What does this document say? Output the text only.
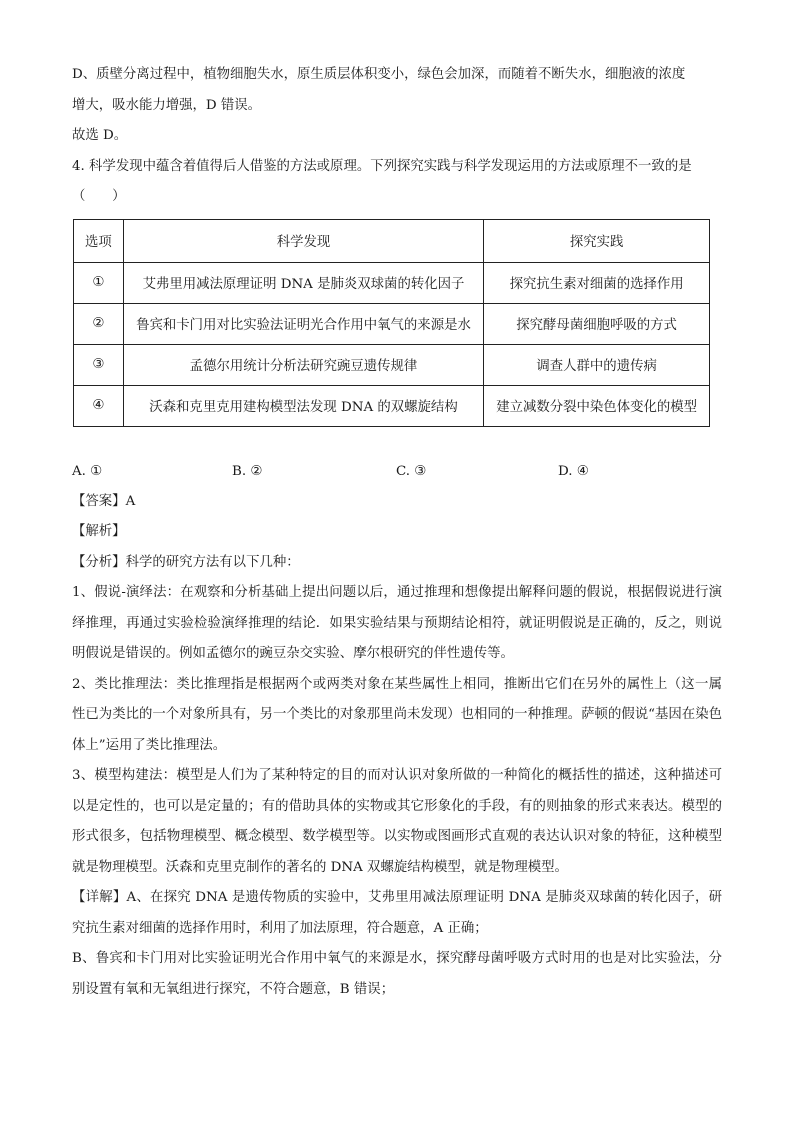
D、质壁分离过程中，植物细胞失水，原生质层体积变小，绿色会加深，而随着不断失水，细胞液的浓度

增大，吸水能力增强，D 错误。

故选 D。

4. 科学发现中蕴含着值得后人借鉴的方法或原理。下列探究实践与科学发现运用的方法或原理不一致的是

（　　）

选项	科学发现	探究实践
①	艾弗里用减法原理证明 DNA 是肺炎双球菌的转化因子	探究抗生素对细菌的选择作用
②	鲁宾和卡门用对比实验法证明光合作用中氧气的来源是水	探究酵母菌细胞呼吸的方式
③	孟德尔用统计分析法研究豌豆遗传规律	调查人群中的遗传病
④	沃森和克里克用建构模型法发现 DNA 的双螺旋结构	建立减数分裂中染色体变化的模型
A. ①	B. ②	C. ③	D. ④

【答案】A

【解析】

【分析】科学的研究方法有以下几种：

1、假说-演绎法：在观察和分析基础上提出问题以后，通过推理和想像提出解释问题的假说，根据假说进行演绎推理，再通过实验检验演绎推理的结论．如果实验结果与预期结论相符，就证明假说是正确的，反之，则说明假说是错误的。例如孟德尔的豌豆杂交实验、摩尔根研究的伴性遗传等。

2、类比推理法：类比推理指是根据两个或两类对象在某些属性上相同，推断出它们在另外的属性上（这一属性已为类比的一个对象所具有，另一个类比的对象那里尚未发现）也相同的一种推理。萨顿的假说“基因在染色体上”运用了类比推理法。

3、模型构建法：模型是人们为了某种特定的目的而对认识对象所做的一种简化的概括性的描述，这种描述可以是定性的，也可以是定量的；有的借助具体的实物或其它形象化的手段，有的则抽象的形式来表达。模型的形式很多，包括物理模型、概念模型、数学模型等。以实物或图画形式直观的表达认识对象的特征，这种模型就是物理模型。沃森和克里克制作的著名的 DNA 双螺旋结构模型，就是物理模型。

【详解】A、在探究 DNA 是遗传物质的实验中，艾弗里用减法原理证明 DNA 是肺炎双球菌的转化因子，研究抗生素对细菌的选择作用时，利用了加法原理，符合题意，A 正确；

B、鲁宾和卡门用对比实验证明光合作用中氧气的来源是水，探究酵母菌呼吸方式时用的也是对比实验法，分别设置有氧和无氧组进行探究，不符合题意，B 错误；
